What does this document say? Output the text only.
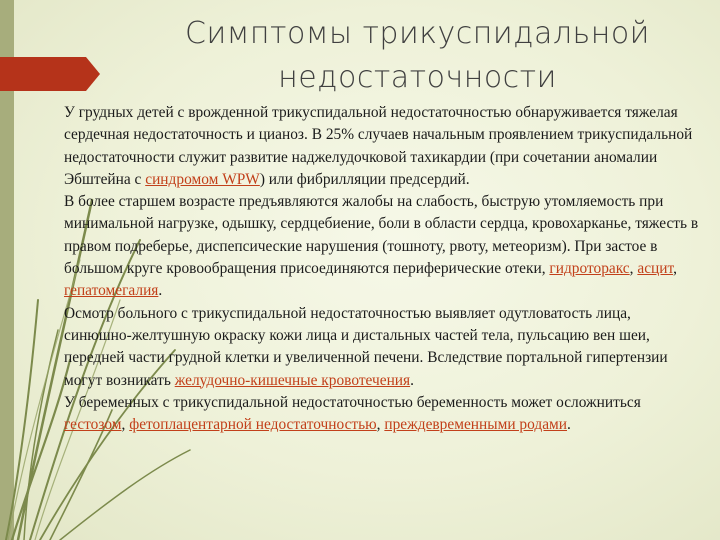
Симптомы трикуспидальной
недостаточности

У грудных детей с врожденной трикуспидальной недостаточностью обнаруживается тяжелая сердечная недостаточность и цианоз. В 25% случаев начальным проявлением трикуспидальной недостаточности служит развитие наджелудочковой тахикардии (при сочетании аномалии Эбштейна с синдромом WPW) или фибрилляции предсердий.

В более старшем возрасте предъявляются жалобы на слабость, быструю утомляемость при минимальной нагрузке, одышку, сердцебиение, боли в области сердца, кровохарканье, тяжесть в правом подреберье, диспепсические нарушения (тошноту, рвоту, метеоризм). При застое в большом круге кровообращения присоединяются периферические отеки, гидроторакс, асцит, гепатомегалия.

Осмотр больного с трикуспидальной недостаточностью выявляет одутловатость лица, синюшно-желтушную окраску кожи лица и дистальных частей тела, пульсацию вен шеи, передней части грудной клетки и увеличенной печени. Вследствие портальной гипертензии могут возникать желудочно-кишечные кровотечения.

У беременных с трикуспидальной недостаточностью беременность может осложниться гестозом, фетоплацентарной недостаточностью, преждевременными родами.
